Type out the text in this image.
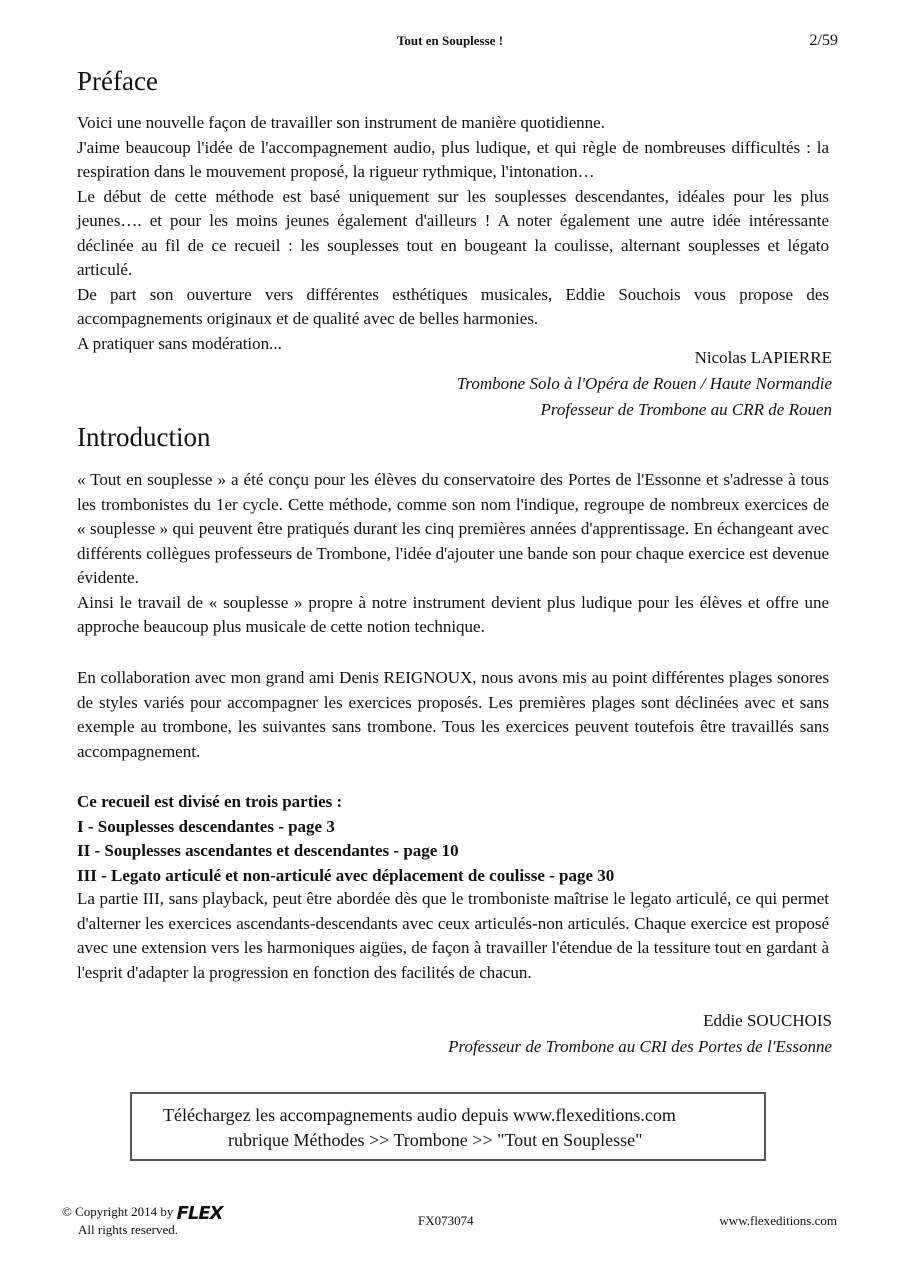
Tout en Souplesse !	2/59
Préface

Voici une nouvelle façon de travailler son instrument de manière quotidienne.

J'aime beaucoup l'idée de l'accompagnement audio, plus ludique, et qui règle de nombreuses difficultés : la respiration dans le mouvement proposé, la rigueur rythmique, l'intonation…

Le début de cette méthode est basé uniquement sur les souplesses descendantes, idéales pour les plus jeunes…. et pour les moins jeunes également d'ailleurs ! A noter également une autre idée intéressante déclinée au fil de ce recueil : les souplesses tout en bougeant la coulisse, alternant souplesses et légato articulé.

De part son ouverture vers différentes esthétiques musicales, Eddie Souchois vous propose des accompagnements originaux et de qualité avec de belles harmonies.

A pratiquer sans modération...

Nicolas LAPIERRE
Trombone Solo à l'Opéra de Rouen / Haute Normandie
Professeur de Trombone au CRR de Rouen
Introduction

« Tout en souplesse » a été conçu pour les élèves du conservatoire des Portes de l'Essonne et s'adresse à tous les trombonistes du 1er cycle. Cette méthode, comme son nom l'indique, regroupe de nombreux exercices de « souplesse » qui peuvent être pratiqués durant les cinq premières années d'apprentissage. En échangeant avec différents collègues professeurs de Trombone, l'idée d'ajouter une bande son pour chaque exercice est devenue évidente.

Ainsi le travail de « souplesse » propre à notre instrument devient plus ludique pour les élèves et offre une approche beaucoup plus musicale de cette notion technique.

En collaboration avec mon grand ami Denis REIGNOUX, nous avons mis au point différentes plages sonores de styles variés pour accompagner les exercices proposés. Les premières plages sont déclinées avec et sans exemple au trombone, les suivantes sans trombone. Tous les exercices peuvent toutefois être travaillés sans accompagnement.

Ce recueil est divisé en trois parties :
I - Souplesses descendantes - page 3
II - Souplesses ascendantes et descendantes - page 10
III - Legato articulé et non-articulé avec déplacement de coulisse - page 30

La partie III, sans playback, peut être abordée dès que le tromboniste maîtrise le legato articulé, ce qui permet d'alterner les exercices ascendants-descendants avec ceux articulés-non articulés. Chaque exercice est proposé avec une extension vers les harmoniques aigües, de façon à travailler l'étendue de la tessiture tout en gardant à l'esprit d'adapter la progression en fonction des facilités de chacun.

Eddie SOUCHOIS
Professeur de Trombone au CRI des Portes de l'Essonne
Téléchargez les accompagnements audio depuis www.flexeditions.com
rubrique Méthodes >> Trombone >> "Tout en Souplesse"
© Copyright 2014 by FLEX
All rights reserved.
FX073074	www.flexeditions.com
